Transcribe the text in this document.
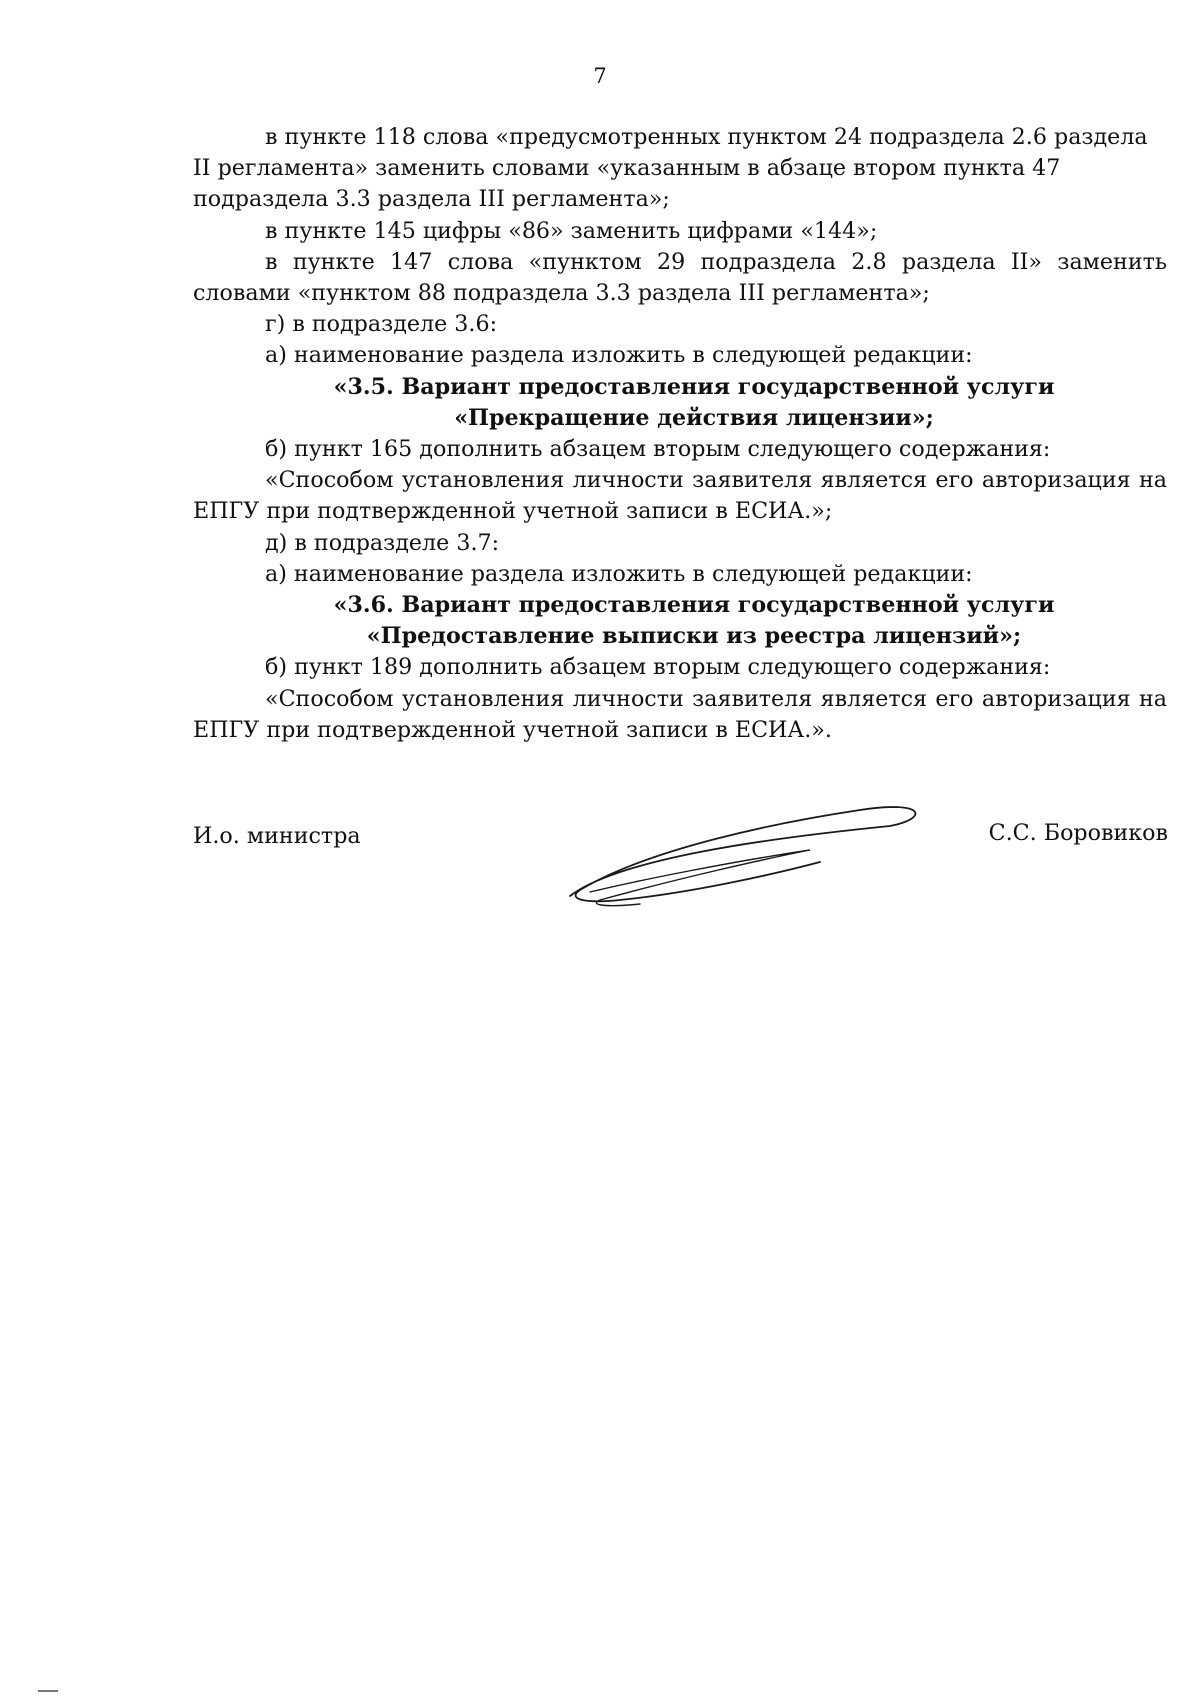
7

в пункте 118 слова «предусмотренных пунктом 24 подраздела 2.6 раздела II регламента» заменить словами «указанным в абзаце втором пункта 47 подраздела 3.3 раздела III регламента»;

в пункте 145 цифры «86» заменить цифрами «144»;

в пункте 147 слова «пунктом 29 подраздела 2.8 раздела II» заменить словами «пунктом 88 подраздела 3.3 раздела III регламента»;

г) в подразделе 3.6:

а) наименование раздела изложить в следующей редакции:

«3.5. Вариант предоставления государственной услуги

«Прекращение действия лицензии»;

б) пункт 165 дополнить абзацем вторым следующего содержания:

«Способом установления личности заявителя является его авторизация на ЕПГУ при подтвержденной учетной записи в ЕСИА.»;

д) в подразделе 3.7:

а) наименование раздела изложить в следующей редакции:

«3.6. Вариант предоставления государственной услуги

«Предоставление выписки из реестра лицензий»;

б) пункт 189 дополнить абзацем вторым следующего содержания:

«Способом установления личности заявителя является его авторизация на ЕПГУ при подтвержденной учетной записи в ЕСИА.».

И.о. министра	С.С. Боровиков
